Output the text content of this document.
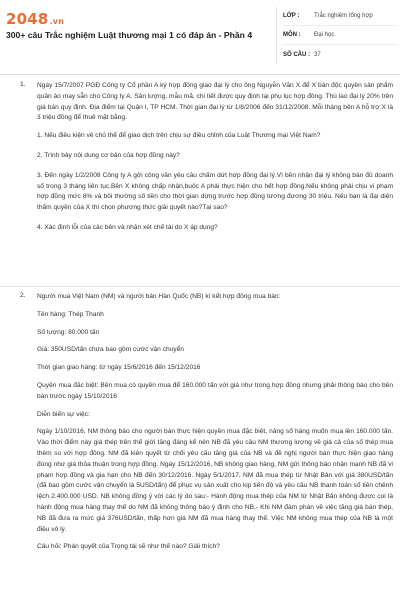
2048.vn
300+ câu Trắc nghiệm Luật thương mại 1 có đáp án - Phần 4
LỚP :	Trắc nghiệm tổng hợp
MÔN :	Đại học
SỐ CÂU : 37
1. Ngày 15/7/2007 PGĐ Công ty Cổ phần A ký hợp đồng giao đại lý cho ông Nguyễn Văn X để X bán độc quyền sản phẩm quần áo may sẵn cho Công ty A. Sản lượng, mẫu mã, chi tiết được quy định tại phụ lục hợp đồng. Thù lao đại lý 20% trên giá bán quy định. Địa điểm tại Quận I, TP HCM. Thời gian đại lý từ 1/8/2006 đến 31/12/2008. Mỗi tháng bên A hỗ trợ X là 3 triệu đồng để thuê mặt bằng.

1. Nếu điều kiện về chủ thể để giao dịch trên chịu sự điều chỉnh của Luật Thương mại Việt Nam?

2. Trình bày nội dung cơ bản của hợp đồng này?

3. Đến ngày 1/2/2008 Công ty A gởi công văn yêu cầu chấm dứt hợp đồng đại lý.Vì bên nhận đại lý không bán đủ doanh số trong 3 tháng liên tục.Bên X không chấp nhận,buộc A phải thực hiện cho hết hợp đồng.Nếu không phải chịu vi phạm hợp đồng mức 8% và bồi thường số tiền cho thời gian dừng trước hợp đồng tương đương 30 triệu. Nếu bạn là đại diện thẩm quyền của X thì chọn phương thức giải quyết nào?Tại sao?

4. Xác định lỗi của các bên và nhận xét chế tài do X áp dụng?

2. Người mua Việt Nam (NM) và người bán Hàn Quốc (NB) kí kết hợp đồng mua bán:

Tên hàng: Thép Thanh

Số lượng: 80.000 tấn

Giá: 350USD/tấn chưa bao gồm cước vận chuyển

Thời gian giao hàng: từ ngày 15/6/2016 đến 15/12/2016

Quyền mua đặc biệt: Bên mua có quyền mua để 160.000 tấn với giá như trong hợp đồng nhưng phải thông báo cho bên bán trước ngày 15/10/2016

Diễn biến sự việc:

Ngày 1/10/2016, NM thông báo cho người bán thực hiện quyền mua đặc biệt, nâng số hàng muốn mua lên 160.000 tấn. Vào thời điểm này giá thép trên thế giới tăng đáng kể nên NB đã yêu cầu NM thương lượng về giá cả của số thép mua thêm so với hợp đồng. NM đã kiên quyết từ chối yêu cầu tăng giá của NB và đề nghị người bán thực hiện giao hàng đúng như giá thỏa thuận trong hợp đồng. Ngày 15/12/2016, NB không giao hàng, NM gửi thông báo nhận mạnh NB đã vi phạm hợp đồng và gia hạn cho NB đến 30/12/2016. Ngày 5/1/2017, NM đã mua thép từ Nhật Bản với giá 380USD/tấn (đã bao gồm cước vận chuyển là 5USD/tấn) để phục vụ sản xuất cho kịp tiến độ và yêu cầu NB thanh toán số tiền chênh lệch 2.400.000 USD. NB không đồng ý với các lý do sau:- Hành động mua thép của NM từ Nhật Bản không được coi là hành động mua hàng thay thế do NM đã không thông báo ý định cho NB.- Khi NM đàm phán về việc tăng giá bán thép, NB đã đưa ra mức giá 376USD/tấn, thấp hơn giá NM đã mua hàng thay thế. Việc NM không mua thép của NB là một điều vô lý.

Câu hỏi: Phán quyết của Trọng tài sẽ như thế nào? Giải thích?
